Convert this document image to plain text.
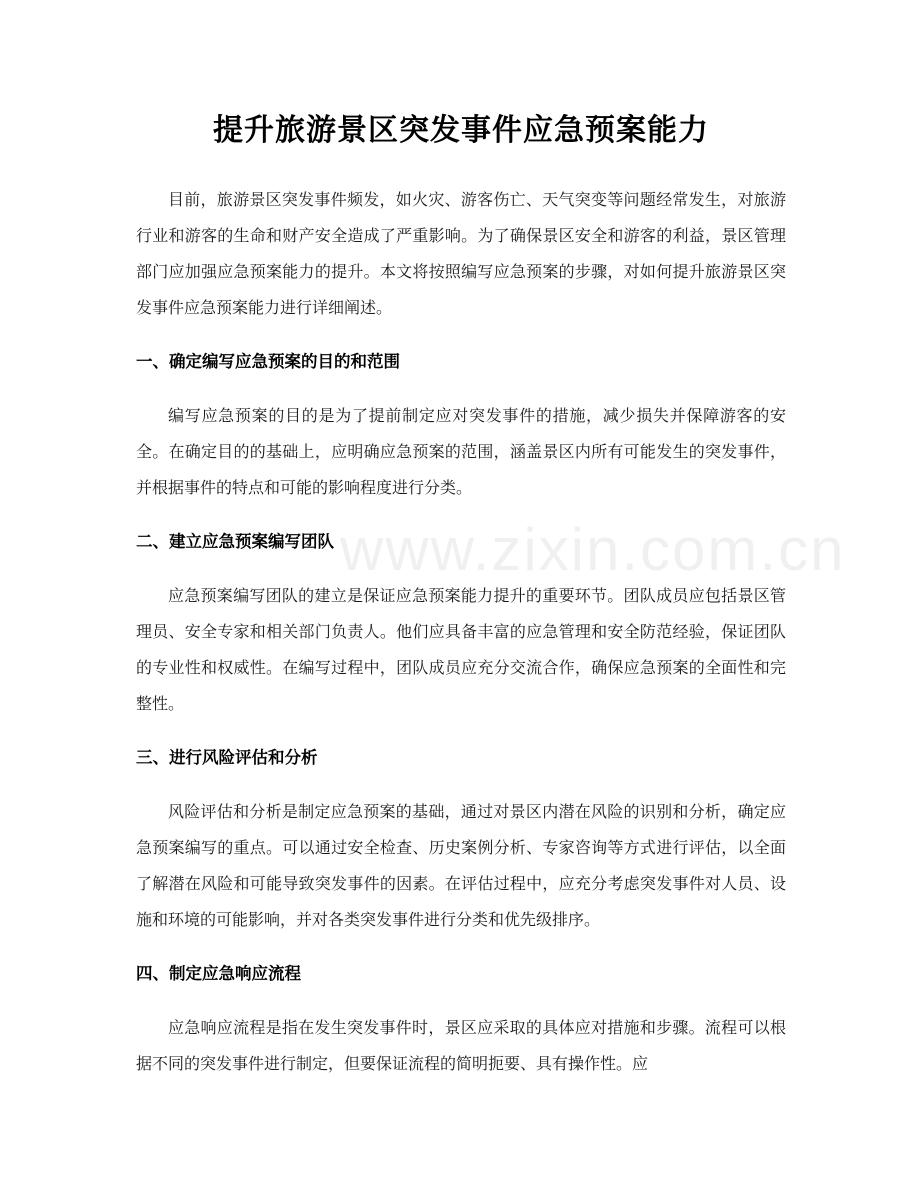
www.zixin.com.cn
提升旅游景区突发事件应急预案能力

目前，旅游景区突发事件频发，如火灾、游客伤亡、天气突变等问题经常发生，对旅游行业和游客的生命和财产安全造成了严重影响。为了确保景区安全和游客的利益，景区管理部门应加强应急预案能力的提升。本文将按照编写应急预案的步骤，对如何提升旅游景区突发事件应急预案能力进行详细阐述。

一、确定编写应急预案的目的和范围

编写应急预案的目的是为了提前制定应对突发事件的措施，减少损失并保障游客的安全。在确定目的的基础上，应明确应急预案的范围，涵盖景区内所有可能发生的突发事件，并根据事件的特点和可能的影响程度进行分类。

二、建立应急预案编写团队

应急预案编写团队的建立是保证应急预案能力提升的重要环节。团队成员应包括景区管理员、安全专家和相关部门负责人。他们应具备丰富的应急管理和安全防范经验，保证团队的专业性和权威性。在编写过程中，团队成员应充分交流合作，确保应急预案的全面性和完整性。

三、进行风险评估和分析

风险评估和分析是制定应急预案的基础，通过对景区内潜在风险的识别和分析，确定应急预案编写的重点。可以通过安全检查、历史案例分析、专家咨询等方式进行评估，以全面了解潜在风险和可能导致突发事件的因素。在评估过程中，应充分考虑突发事件对人员、设施和环境的可能影响，并对各类突发事件进行分类和优先级排序。

四、制定应急响应流程

应急响应流程是指在发生突发事件时，景区应采取的具体应对措施和步骤。流程可以根据不同的突发事件进行制定，但要保证流程的简明扼要、具有操作性。应
